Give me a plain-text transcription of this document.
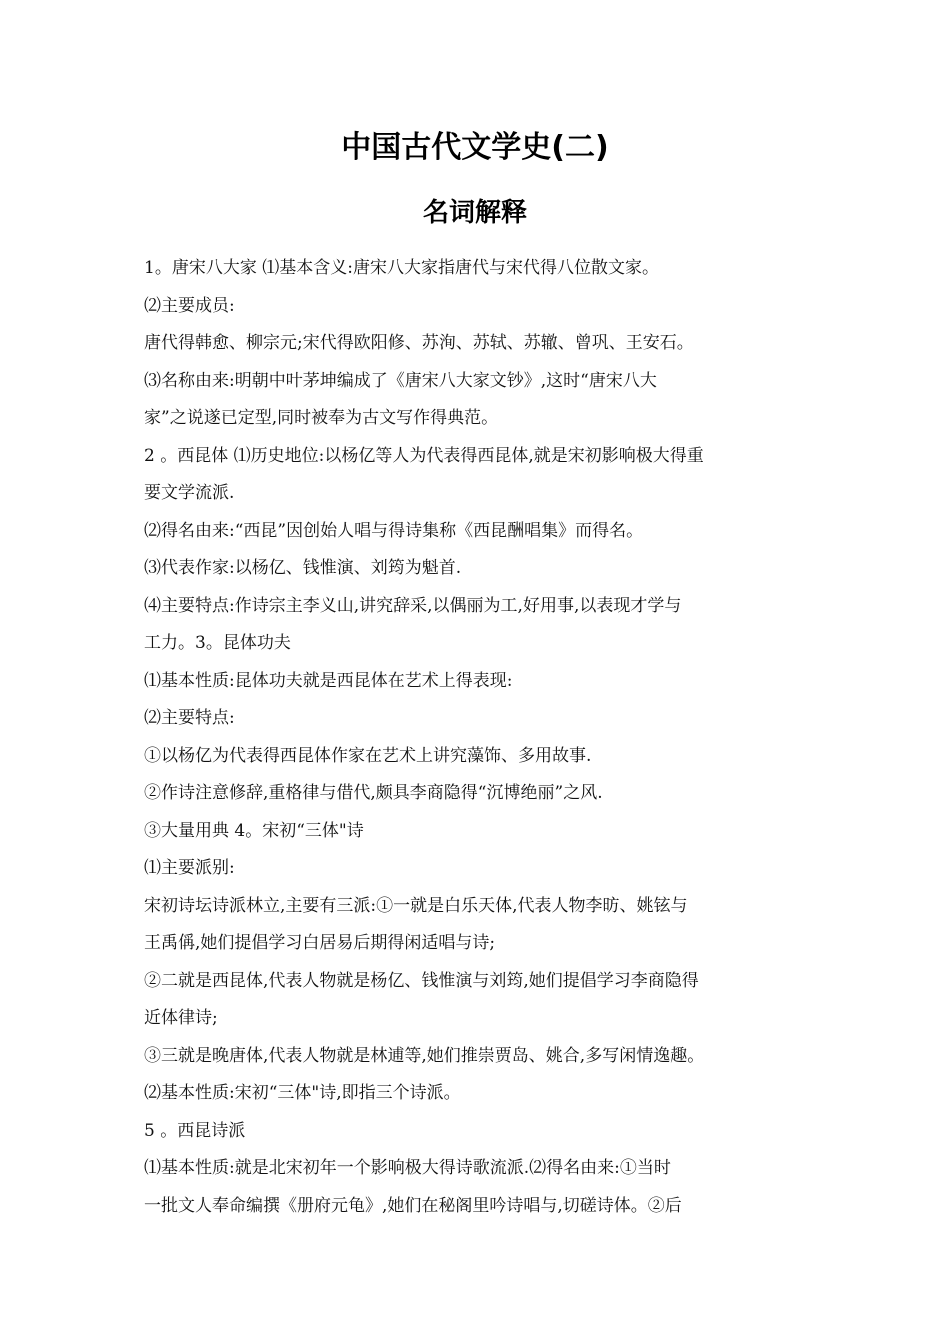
中国古代文学史(二)
名词解释

1。唐宋八大家 ⑴基本含义:唐宋八大家指唐代与宋代得八位散文家。

⑵主要成员:

唐代得韩愈、柳宗元;宋代得欧阳修、苏洵、苏轼、苏辙、曾巩、王安石。

⑶名称由来:明朝中叶茅坤编成了《唐宋八大家文钞》,这时“唐宋八大

家”之说遂已定型,同时被奉为古文写作得典范。

2 。西昆体 ⑴历史地位:以杨亿等人为代表得西昆体,就是宋初影响极大得重

要文学流派.

⑵得名由来:“西昆”因创始人唱与得诗集称《西昆酬唱集》而得名。

⑶代表作家:以杨亿、钱惟演、刘筠为魁首.

⑷主要特点:作诗宗主李义山,讲究辞采,以偶丽为工,好用事,以表现才学与

工力。3。昆体功夫

⑴基本性质:昆体功夫就是西昆体在艺术上得表现:

⑵主要特点:

①以杨亿为代表得西昆体作家在艺术上讲究藻饰、多用故事.

②作诗注意修辞,重格律与借代,颇具李商隐得“沉博绝丽”之风.

③大量用典 4。宋初“三体"诗

⑴主要派别:

宋初诗坛诗派林立,主要有三派:①一就是白乐天体,代表人物李昉、姚铉与

王禹偁,她们提倡学习白居易后期得闲适唱与诗;

②二就是西昆体,代表人物就是杨亿、钱惟演与刘筠,她们提倡学习李商隐得

近体律诗;

③三就是晚唐体,代表人物就是林逋等,她们推崇贾岛、姚合,多写闲情逸趣。

⑵基本性质:宋初“三体"诗,即指三个诗派。

5 。西昆诗派

⑴基本性质:就是北宋初年一个影响极大得诗歌流派.⑵得名由来:①当时

一批文人奉命编撰《册府元龟》,她们在秘阁里吟诗唱与,切磋诗体。②后
